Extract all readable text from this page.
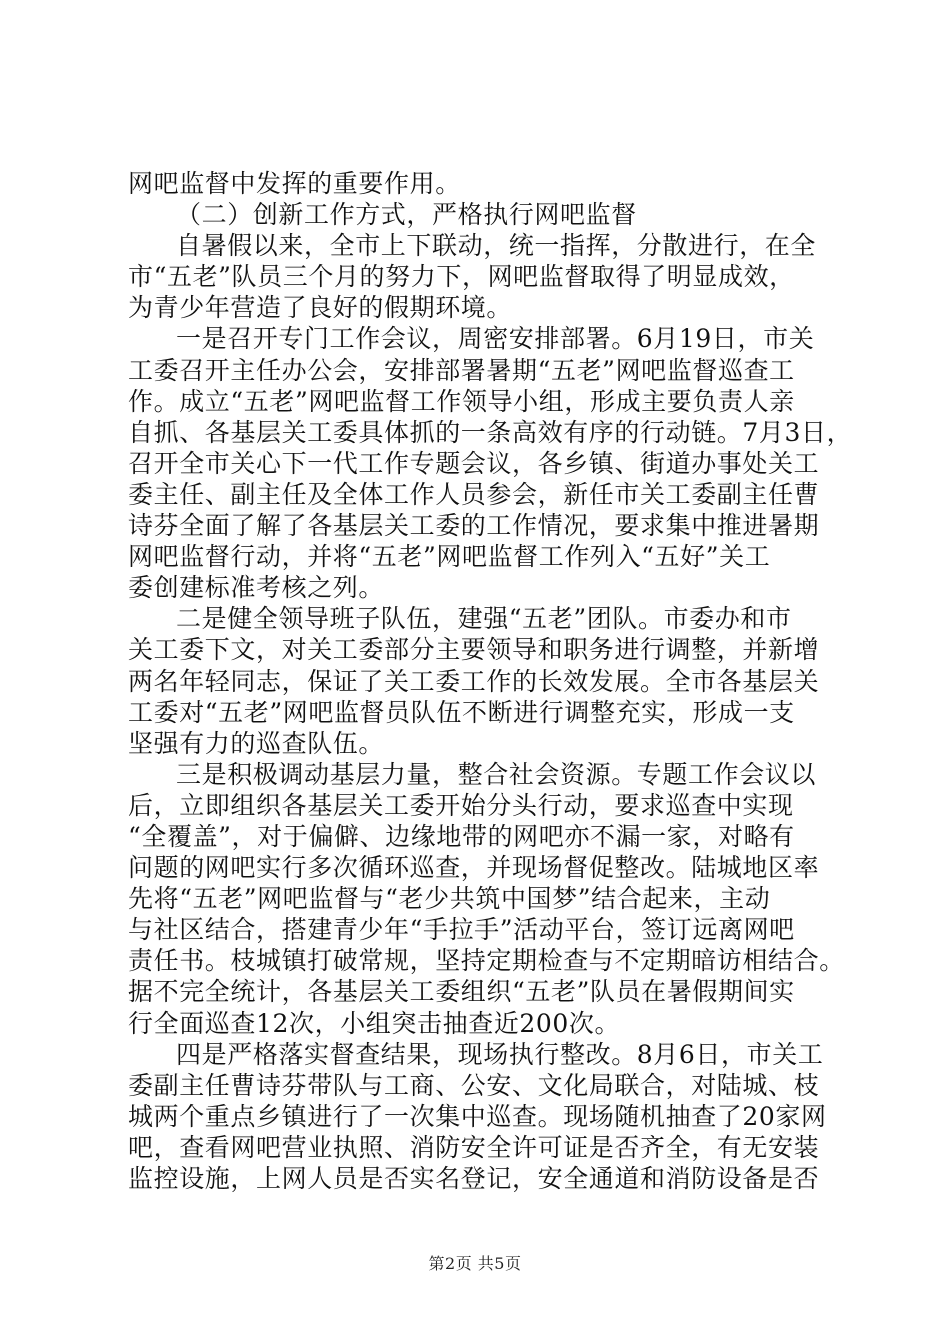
网吧监督中发挥的重要作用。
（二）创新工作方式，严格执行网吧监督
自暑假以来，全市上下联动，统一指挥，分散进行，在全
市“五老”队员三个月的努力下，网吧监督取得了明显成效，
为青少年营造了良好的假期环境。
一是召开专门工作会议，周密安排部署。6月19日，市关
工委召开主任办公会，安排部署暑期“五老”网吧监督巡查工
作。成立“五老”网吧监督工作领导小组，形成主要负责人亲
自抓、各基层关工委具体抓的一条高效有序的行动链。7月3日，
召开全市关心下一代工作专题会议，各乡镇、街道办事处关工
委主任、副主任及全体工作人员参会，新任市关工委副主任曹
诗芬全面了解了各基层关工委的工作情况，要求集中推进暑期
网吧监督行动，并将“五老”网吧监督工作列入“五好”关工
委创建标准考核之列。
二是健全领导班子队伍，建强“五老”团队。市委办和市
关工委下文，对关工委部分主要领导和职务进行调整，并新增
两名年轻同志，保证了关工委工作的长效发展。全市各基层关
工委对“五老”网吧监督员队伍不断进行调整充实，形成一支
坚强有力的巡查队伍。
三是积极调动基层力量，整合社会资源。专题工作会议以
后，立即组织各基层关工委开始分头行动，要求巡查中实现
“全覆盖”，对于偏僻、边缘地带的网吧亦不漏一家，对略有
问题的网吧实行多次循环巡查，并现场督促整改。陆城地区率
先将“五老”网吧监督与“老少共筑中国梦”结合起来，主动
与社区结合，搭建青少年“手拉手”活动平台，签订远离网吧
责任书。枝城镇打破常规，坚持定期检查与不定期暗访相结合。
据不完全统计，各基层关工委组织“五老”队员在暑假期间实
行全面巡查12次，小组突击抽查近200次。
四是严格落实督查结果，现场执行整改。8月6日，市关工
委副主任曹诗芬带队与工商、公安、文化局联合，对陆城、枝
城两个重点乡镇进行了一次集中巡查。现场随机抽查了20家网
吧，查看网吧营业执照、消防安全许可证是否齐全，有无安装
监控设施，上网人员是否实名登记，安全通道和消防设备是否
第2页 共5页
